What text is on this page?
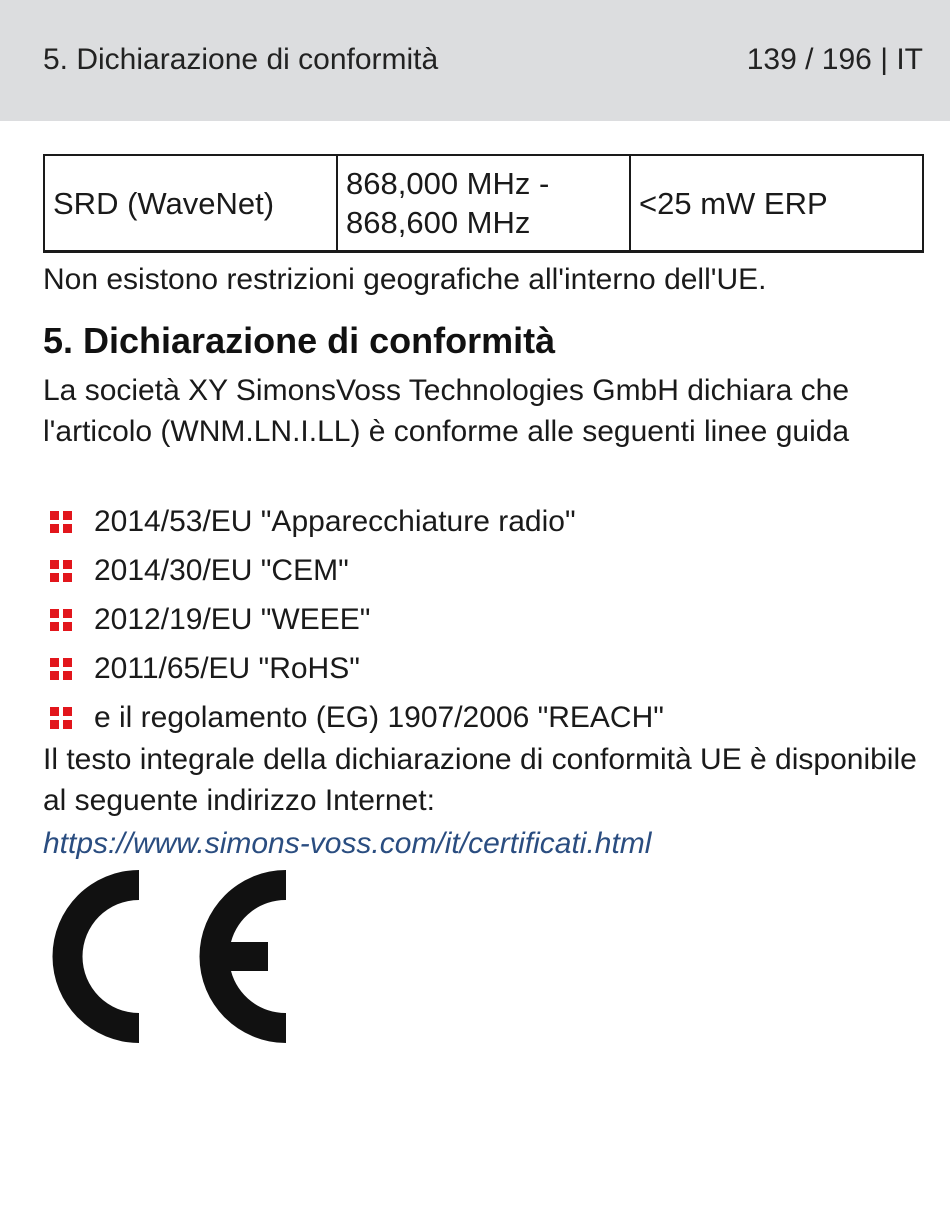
5. Dichiarazione di conformità	139 / 196 | IT
SRD (WaveNet)	868,000 MHz - 868,600 MHz	<25 mW ERP
Non esistono restrizioni geografiche all'interno dell'UE.
5. Dichiarazione di conformità

La società XY SimonsVoss Technologies GmbH dichiara che l'articolo (WNM.LN.I.LL) è conforme alle seguenti linee guida

2014/53/EU "Apparecchiature radio"
2014/30/EU "CEM"
2012/19/EU "WEEE"
2011/65/EU "RoHS"
e il regolamento (EG) 1907/2006 "REACH"

Il testo integrale della dichiarazione di conformità UE è disponibile al seguente indirizzo Internet:

https://www.simons-voss.com/it/certificati.html
